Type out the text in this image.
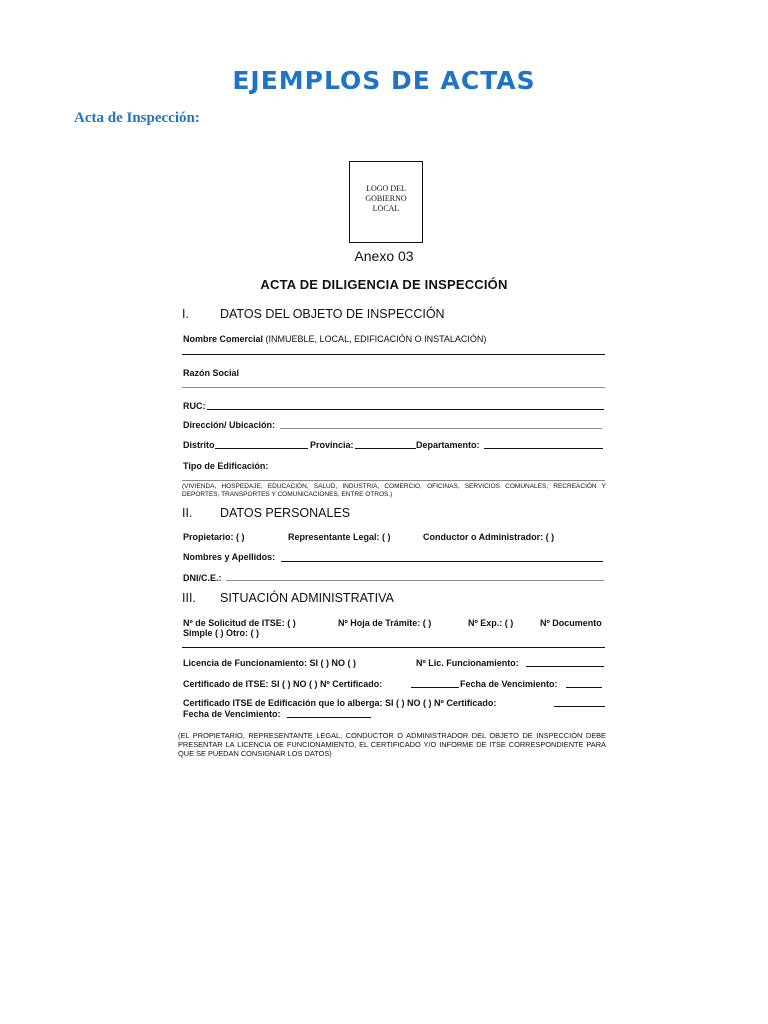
EJEMPLOS DE ACTAS
Acta de Inspección:
LOGO DEL
GOBIERNO
LOCAL
Anexo 03
ACTA DE DILIGENCIA DE INSPECCIÓN
I. DATOS DEL OBJETO DE INSPECCIÓN
Nombre Comercial (INMUEBLE, LOCAL, EDIFICACIÓN O INSTALACIÓN)
Razón Social
RUC:
Dirección/ Ubicación:
Distrito	Provincia:	Departamento:
Tipo de Edificación:
(VIVIENDA, HOSPEDAJE, EDUCACIÓN, SALUD, INDUSTRIA, COMERCIO, OFICINAS, SERVICIOS COMUNALES, RECREACIÓN Y DEPORTES, TRANSPORTES Y COMUNICACIONES, ENTRE OTROS.)
II. DATOS PERSONALES
Propietario: ( )	Representante Legal: ( )	Conductor o Administrador: ( )
Nombres y Apellidos:
DNI/C.E.:
III. SITUACIÓN ADMINISTRATIVA
Nº de Solicitud de ITSE: ( )	Nº Hoja de Trámite: ( )	Nº Exp.: ( )	Nº Documento
Simple ( ) Otro: ( )
Licencia de Funcionamiento: SI ( ) NO ( )	Nº Lic. Funcionamiento:
Certificado de ITSE: SI ( ) NO ( ) Nº Certificado:	Fecha de Vencimiento:
Certificado ITSE de Edificación que lo alberga: SI ( ) NO ( ) Nº Certificado:
Fecha de Vencimiento:
(EL PROPIETARIO, REPRESENTANTE LEGAL, CONDUCTOR O ADMINISTRADOR DEL OBJETO DE INSPECCIÓN DEBE PRESENTAR LA LICENCIA DE FUNCIONAMIENTO, EL CERTIFICADO Y/O INFORME DE ITSE CORRESPONDIENTE PARA QUE SE PUEDAN CONSIGNAR LOS DATOS)
